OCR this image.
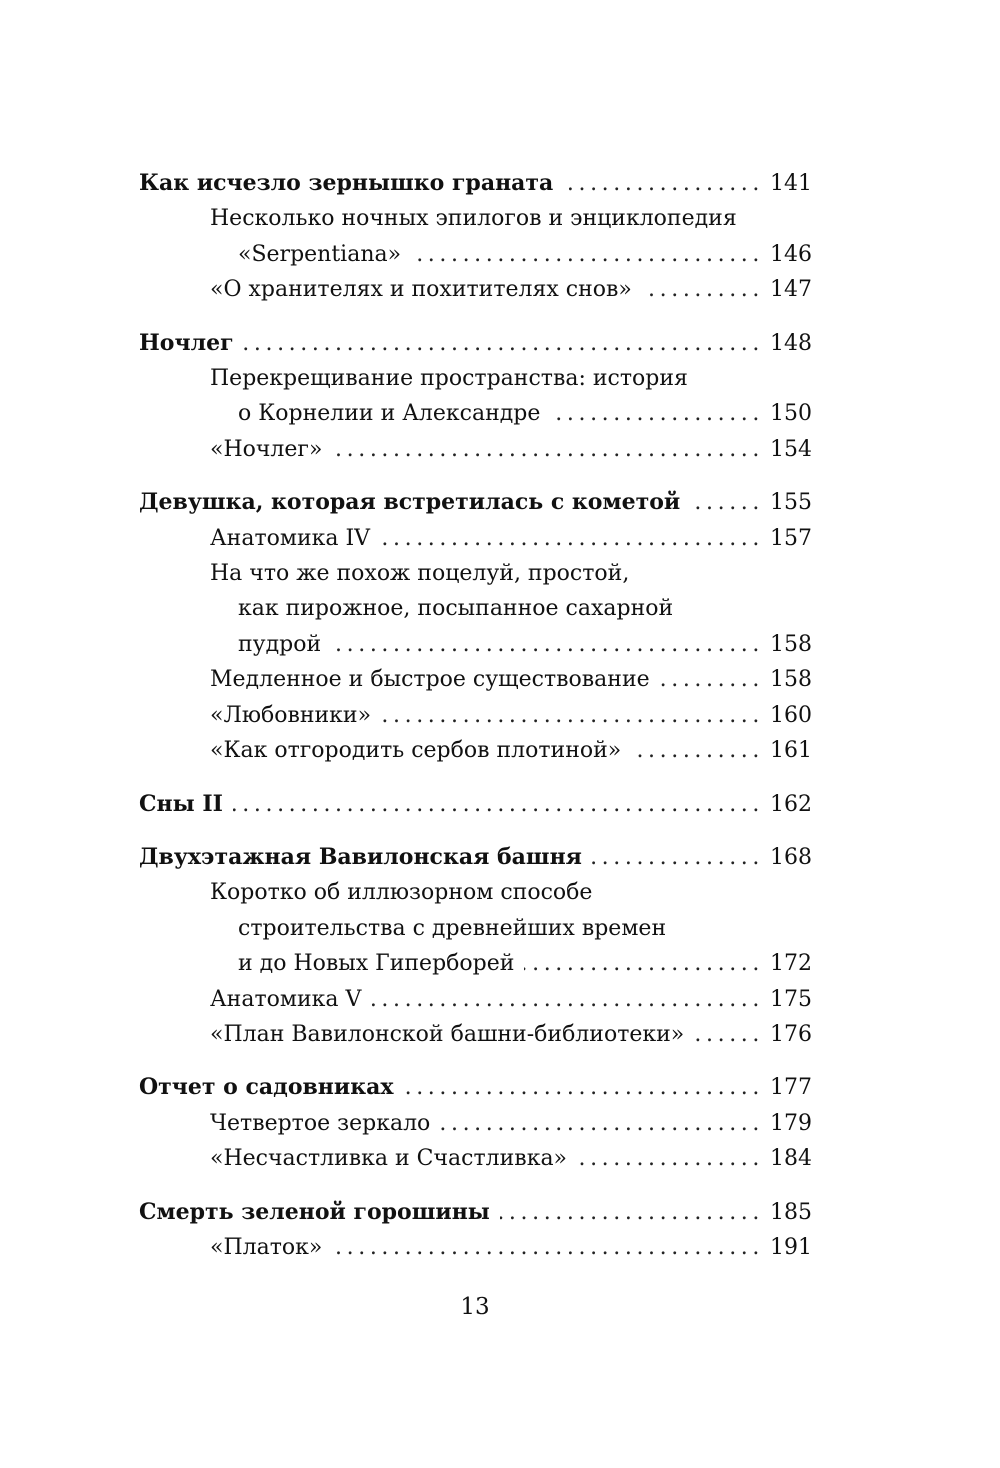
Как исчезло зернышко граната .....	141
Несколько ночных эпилогов и энциклопедия
«Serpentiana» .....	146
«О хранителях и похитителях снов» .....	147
Ночлег .....	148
Перекрещивание пространства: история
о Корнелии и Александре .....	150
«Ночлег» .....	154
Девушка, которая встретилась с кометой .....	155
Анатомика IV .....	157
На что же похож поцелуй, простой,
как пирожное, посыпанное сахарной
пудрой .....	158
Медленное и быстрое существование .....	158
«Любовники» .....	160
«Как отгородить сербов плотиной» .....	161
Сны II .....	162
Двухэтажная Вавилонская башня .....	168
Коротко об иллюзорном способе
строительства с древнейших времен
и до Новых Гиперборей .....	172
Анатомика V .....	175
«План Вавилонской башни-библиотеки» .....	176
Отчет о садовниках .....	177
Четвертое зеркало .....	179
«Несчастливка и Счастливка» .....	184
Смерть зеленой горошины .....	185
«Платок» .....	191
13
